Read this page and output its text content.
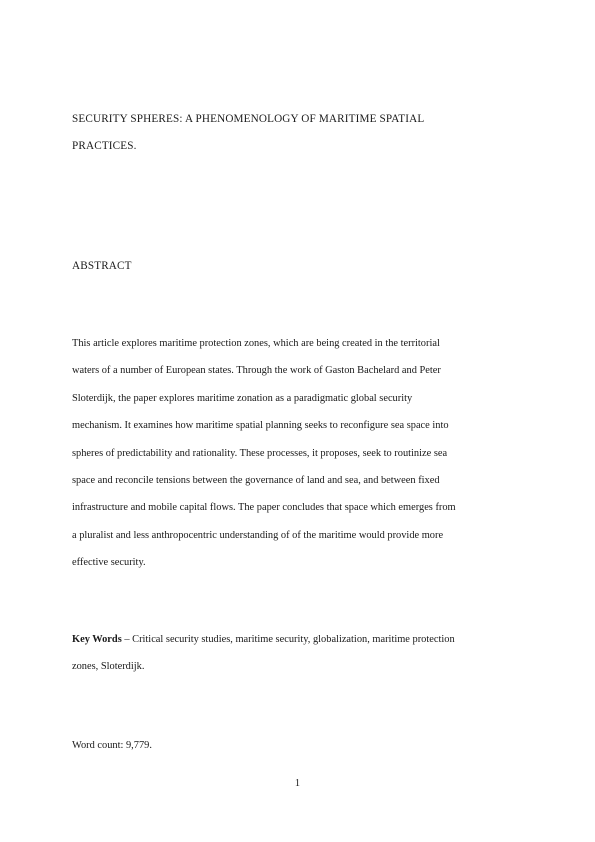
SECURITY SPHERES: A PHENOMENOLOGY OF MARITIME SPATIAL
PRACTICES.
ABSTRACT

This article explores maritime protection zones, which are being created in the territorial
waters of a number of European states. Through the work of Gaston Bachelard and Peter
Sloterdijk, the paper explores maritime zonation as a paradigmatic global security
mechanism. It examines how maritime spatial planning seeks to reconfigure sea space into
spheres of predictability and rationality. These processes, it proposes, seek to routinize sea
space and reconcile tensions between the governance of land and sea, and between fixed
infrastructure and mobile capital flows. The paper concludes that space which emerges from
a pluralist and less anthropocentric understanding of of the maritime would provide more
effective security.

Key Words – Critical security studies, maritime security, globalization, maritime protection
zones, Sloterdijk.

Word count: 9,779.

1
